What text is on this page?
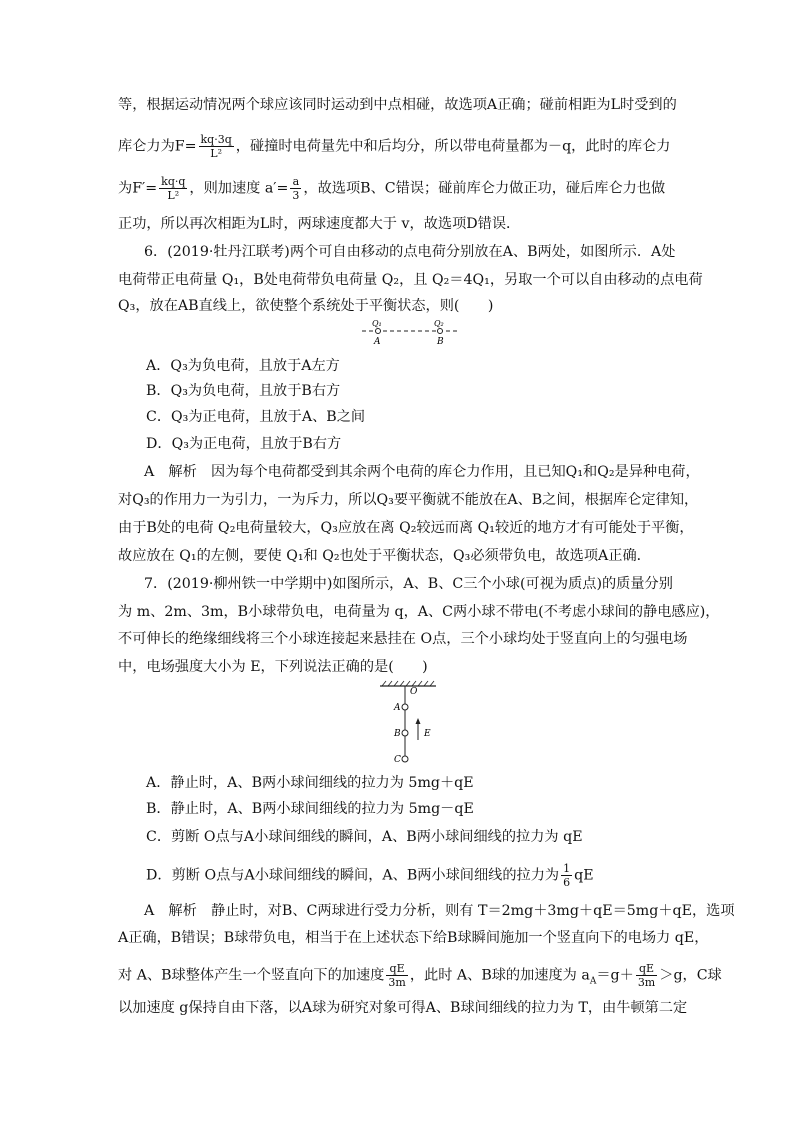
等，根据运动情况两个球应该同时运动到中点相碰，故选项A正确；碰前相距为L时受到的
库仑力为$F= \frac{kq\cdot 3q}{\text{L²}}$ ，碰撞时电荷量先中和后均分，所以带电荷量都为－q，此时的库仑力
为$F'= \frac{kq\cdot q}{\text{L²}}$ ，则加速度 $a'= \frac{a}{3}$ ，故选项B、C错误；碰前库仑力做正功，碰后库仑力也做
正功，所以再次相距为L时，两球速度都大于 v，故选项D错误．
6．(2019·牡丹江联考)两个可自由移动的点电荷分别放在A、B两处，如图所示．A处
电荷带正电荷量 Q₁，B处电荷带负电荷量 Q₂，且 Q₂＝4Q₁，另取一个可以自由移动的点电荷
Q₃，放在AB直线上，欲使整个系统处于平衡状态，则(　　)
Q₁	Q₂
A	B
A．Q₃为负电荷，且放于A左方
B．Q₃为负电荷，且放于B右方
C．Q₃为正电荷，且放于A、B之间
D．Q₃为正电荷，且放于B右方
A　解析　因为每个电荷都受到其余两个电荷的库仑力作用，且已知Q₁和Q₂是异种电荷，
对Q₃的作用力一为引力，一为斥力，所以Q₃要平衡就不能放在A、B之间，根据库仑定律知，
由于B处的电荷 Q₂电荷量较大，Q₃应放在离 Q₂较远而离 Q₁较近的地方才有可能处于平衡，
故应放在 Q₁的左侧，要使 Q₁和 Q₂也处于平衡状态，Q₃必须带负电，故选项A正确．
7．(2019·柳州铁一中学期中)如图所示，A、B、C三个小球(可视为质点)的质量分别
为 m、2m、3m，B小球带负电，电荷量为 q，A、C两小球不带电(不考虑小球间的静电感应)，
不可伸长的绝缘细线将三个小球连接起来悬挂在 O点，三个小球均处于竖直向上的匀强电场
中，电场强度大小为 E，下列说法正确的是(　　)
O
A
B
C
E
A．静止时，A、B两小球间细线的拉力为 5mg＋qE
B．静止时，A、B两小球间细线的拉力为 5mg－qE
C．剪断 O点与A小球间细线的瞬间，A、B两小球间细线的拉力为 qE
D．剪断 O点与A小球间细线的瞬间，A、B两小球间细线的拉力为 $\frac{1}{6}$ qE
A　解析　静止时，对B、C两球进行受力分析，则有 T＝2mg＋3mg＋qE＝5mg＋qE，选项
A正确，B错误；B球带负电，相当于在上述状态下给B球瞬间施加一个竖直向下的电场力 qE，
对 A、B球整体产生一个竖直向下的加速度 $\frac{qE}{3m}$ ，此时 A、B球的加速度为 $a_A=g+ \frac{qE}{3m} >g$，C球
以加速度 g保持自由下落，以A球为研究对象可得A、B球间细线的拉力为 T，由牛顿第二定
